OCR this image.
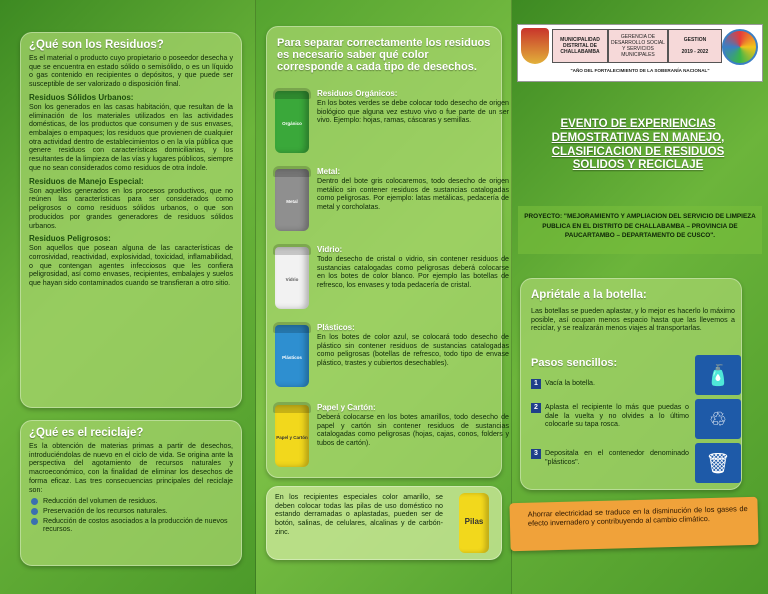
¿Qué son los Residuos?

Es el material o producto cuyo propietario o poseedor desecha y que se encuentra en estado sólido o semisólido, o es un líquido o gas contenido en recipientes o depósitos, y que puede ser susceptible de ser valorizado o disposición final.

Residuos Sólidos Urbanos:

Son los generados en las casas habitación, que resultan de la eliminación de los materiales utilizados en las actividades domésticas, de los productos que consumen y de sus envases, embalajes o empaques; los residuos que provienen de cualquier otra actividad dentro de establecimientos o en la vía pública que genere residuos con características domiciliarias, y los resultantes de la limpieza de las vías y lugares públicos, siempre que no sean considerados como residuos de otra índole.

Residuos de Manejo Especial:

Son aquellos generados en los procesos productivos, que no reúnen las características para ser considerados como peligrosos o como residuos sólidos urbanos, o que son producidos por grandes generadores de residuos sólidos urbanos.

Residuos Peligrosos:

Son aquellos que posean alguna de las características de corrosividad, reactividad, explosividad, toxicidad, inflamabilidad, o que contengan agentes infecciosos que les confiera peligrosidad, así como envases, recipientes, embalajes y suelos que hayan sido contaminados cuando se transfieran a otro sitio.

¿Qué es el reciclaje?

Es la obtención de materias primas a partir de desechos, introduciéndolas de nuevo en el ciclo de vida. Se origina ante la perspectiva del agotamiento de recursos naturales y macroeconómico, con la finalidad de eliminar los desechos de forma eficaz. Las tres consecuencias principales del reciclaje son:

Reducción del volumen de residuos.
Preservación de los recursos naturales.
Reducción de costos asociados a la producción de nuevos recursos.
Para separar correctamente los residuos es necesario saber qué color corresponde a cada tipo de desechos.
Orgánico
Residuos Orgánicos:

En los botes verdes se debe colocar todo desecho de origen biológico que alguna vez estuvo vivo o fue parte de un ser vivo. Ejemplo: hojas, ramas, cáscaras y semillas.

Metal
Metal:

Dentro del bote gris colocaremos, todo desecho de origen metálico sin contener residuos de sustancias catalogadas como peligrosas. Por ejemplo: latas metálicas, pedacería de metal y corcholatas.

Vidrio
Vidrio:

Todo desecho de cristal o vidrio, sin contener residuos de sustancias catalogadas como peligrosas deberá colocarse en los botes de color blanco. Por ejemplo las botellas de refresco, los envases y toda pedacería de cristal.

Plásticos
Plásticos:

En los botes de color azul, se colocará todo desecho de plástico sin contener residuos de sustancias catalogadas como peligrosas (botellas de refresco, todo tipo de envase plástico, trastes y cubiertos desechables).

Papel y Cartón
Papel y Cartón:

Deberá colocarse en los botes amarillos, todo desecho de papel y cartón sin contener residuos de sustancias catalogadas como peligrosas (hojas, cajas, conos, folders y tubos de cartón).

En los recipientes especiales color amarillo, se deben colocar todas las pilas de uso doméstico no estando derramadas o aplastadas, pueden ser de botón, salinas, de celulares, alcalinas y de carbón-zinc.

Pilas
MUNICIPALIDAD DISTRITAL DE CHALLABAMBA
GERENCIA DE DESARROLLO SOCIAL Y SERVICIOS MUNICIPALES
GESTION
2019 - 2022
"AÑO DEL FORTALECIMIENTO DE LA SOBERANÍA NACIONAL"
EVENTO DE EXPERIENCIAS DEMOSTRATIVAS EN MANEJO, CLASIFICACION DE RESIDUOS SOLIDOS Y RECICLAJE
PROYECTO: "MEJORAMIENTO Y AMPLIACION DEL SERVICIO DE LIMPIEZA PUBLICA EN EL DISTRITO DE CHALLABAMBA – PROVINCIA DE PAUCARTAMBO – DEPARTAMENTO DE CUSCO".
Apriétale a la botella:

Las botellas se pueden aplastar, y lo mejor es hacerlo lo máximo posible, así ocupan menos espacio hasta que las llevemos a reciclar, y se realizarán menos viajes al transportarlas.

Pasos sencillos:
1 Vacía la botella.	🧴
2 Aplasta el recipiente lo más que puedas o dale la vuelta y no olvides a lo último colocarle su tapa rosca.	♲
3 Depositala en el contenedor denominado "plásticos".	🗑

Ahorrar electricidad se traduce en la disminución de los gases de efecto invernadero y contribuyendo al cambio climático.
